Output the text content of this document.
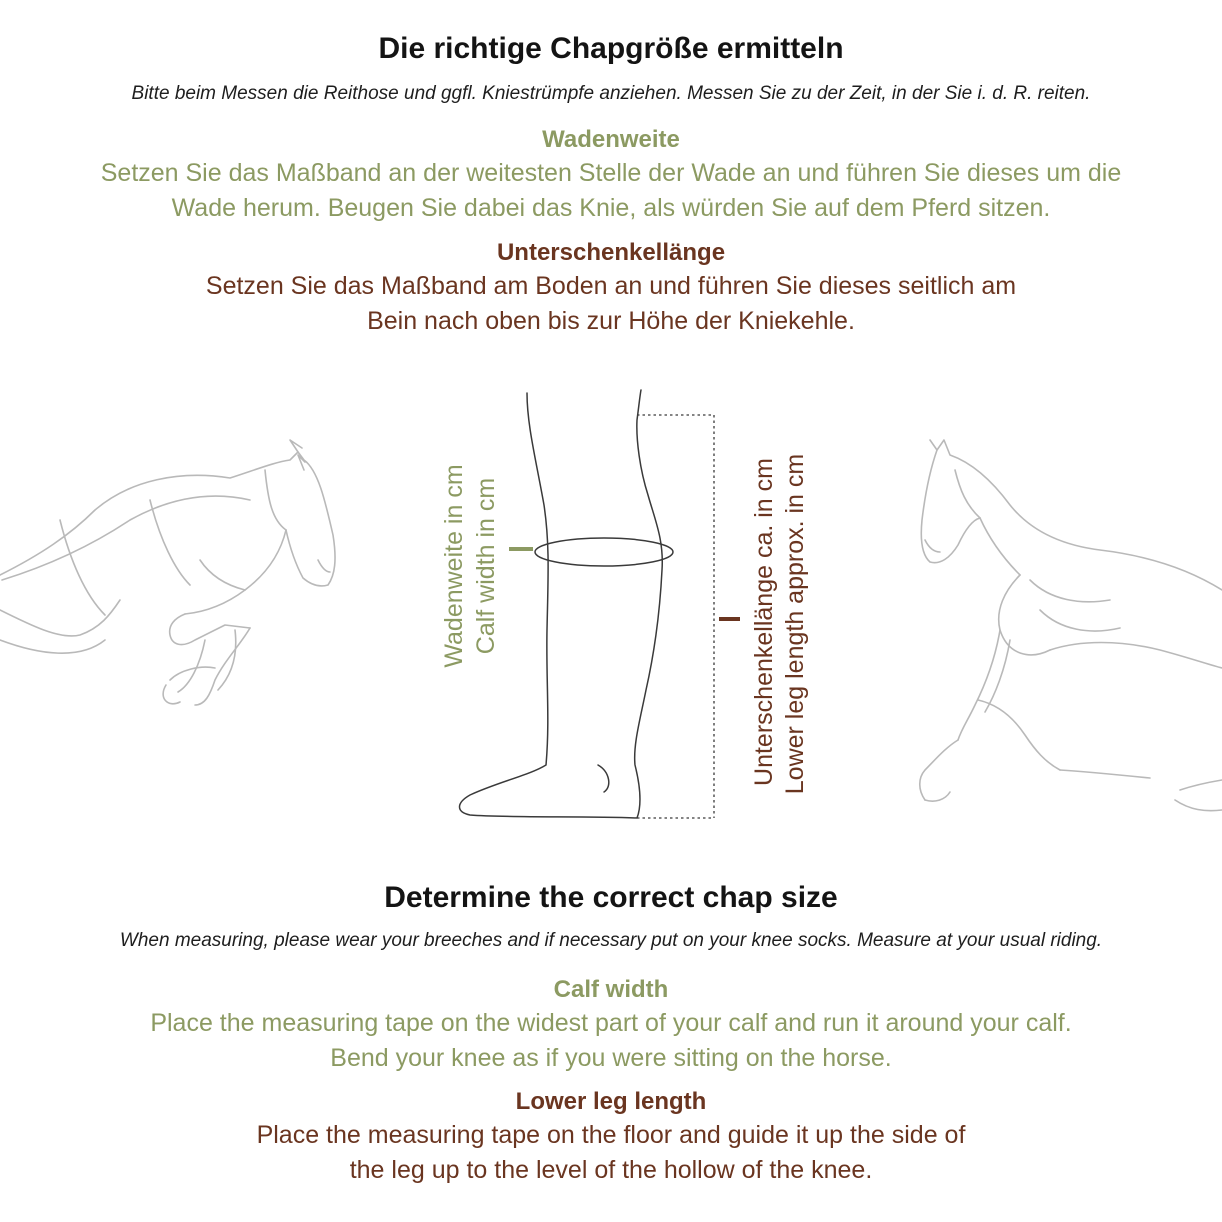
Die richtige Chapgröße ermitteln
Bitte beim Messen die Reithose und ggfl. Kniestrümpfe anziehen. Messen Sie zu der Zeit, in der Sie i. d. R. reiten.
Wadenweite
Setzen Sie das Maßband an der weitesten Stelle der Wade an und führen Sie dieses um die
Wade herum. Beugen Sie dabei das Knie, als würden Sie auf dem Pferd sitzen.
Unterschenkellänge
Setzen Sie das Maßband am Boden an und führen Sie dieses seitlich am
Bein nach oben bis zur Höhe der Kniekehle.
Wadenweite in cm Calf width in cm	Unterschenkellänge ca. in cm Lower leg length approx. in cm
Determine the correct chap size
When measuring, please wear your breeches and if necessary put on your knee socks. Measure at your usual riding.
Calf width
Place the measuring tape on the widest part of your calf and run it around your calf.
Bend your knee as if you were sitting on the horse.
Lower leg length
Place the measuring tape on the floor and guide it up the side of
the leg up to the level of the hollow of the knee.
